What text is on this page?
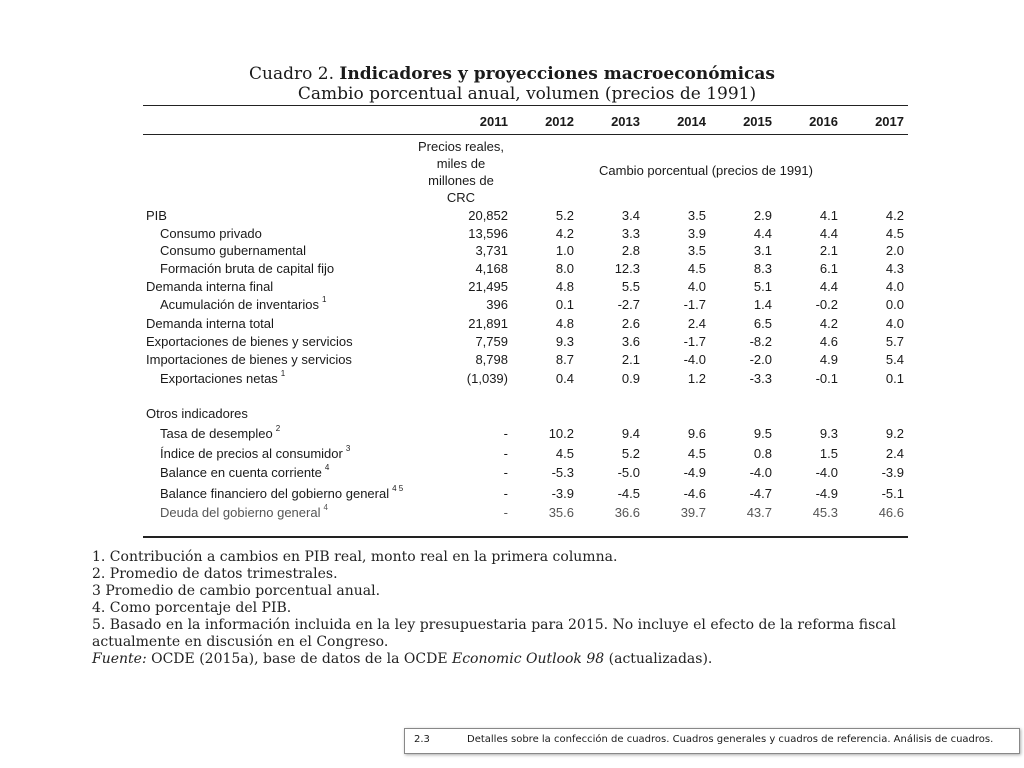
Cuadro 2. Indicadores y proyecciones macroeconómicas
Cambio porcentual anual, volumen (precios de 1991)
2011	2012	2013	2014	2015	2016	2017
Precios reales,
miles de
millones de
CRC
Cambio porcentual (precios de 1991)
PIB	20,852	5.2	3.4	3.5	2.9	4.1	4.2
Consumo privado	13,596	4.2	3.3	3.9	4.4	4.4	4.5
Consumo gubernamental	3,731	1.0	2.8	3.5	3.1	2.1	2.0
Formación bruta de capital fijo	4,168	8.0	12.3	4.5	8.3	6.1	4.3
Demanda interna final	21,495	4.8	5.5	4.0	5.1	4.4	4.0
Acumulación de inventarios $^1$	396	0.1	-2.7	-1.7	1.4	-0.2	0.0
Demanda interna total	21,891	4.8	2.6	2.4	6.5	4.2	4.0
Exportaciones de bienes y servicios	7,759	9.3	3.6	-1.7	-8.2	4.6	5.7
Importaciones de bienes y servicios	8,798	8.7	2.1	-4.0	-2.0	4.9	5.4
Exportaciones netas $^1$	(1,039)	0.4	0.9	1.2	-3.3	-0.1	0.1
Otros indicadores
Tasa de desempleo $^2$	-	10.2	9.4	9.6	9.5	9.3	9.2
Índice de precios al consumidor $^3$	-	4.5	5.2	4.5	0.8	1.5	2.4
Balance en cuenta corriente $^4$	-	-5.3	-5.0	-4.9	-4.0	-4.0	-3.9
Balance financiero del gobierno general $^{4 5}$	-	-3.9	-4.5	-4.6	-4.7	-4.9	-5.1
Deuda del gobierno general $^4$	-	35.6	36.6	39.7	43.7	45.3	46.6
1. Contribución a cambios en PIB real, monto real en la primera columna.
2. Promedio de datos trimestrales.
3 Promedio de cambio porcentual anual.
4. Como porcentaje del PIB.
5. Basado en la información incluida en la ley presupuestaria para 2015. No incluye el efecto de la reforma fiscal actualmente en discusión en el Congreso.
Fuente: OCDE (2015a), base de datos de la OCDE Economic Outlook 98 (actualizadas).
2.3	Detalles sobre la confección de cuadros. Cuadros generales y cuadros de referencia. Análisis de cuadros.
